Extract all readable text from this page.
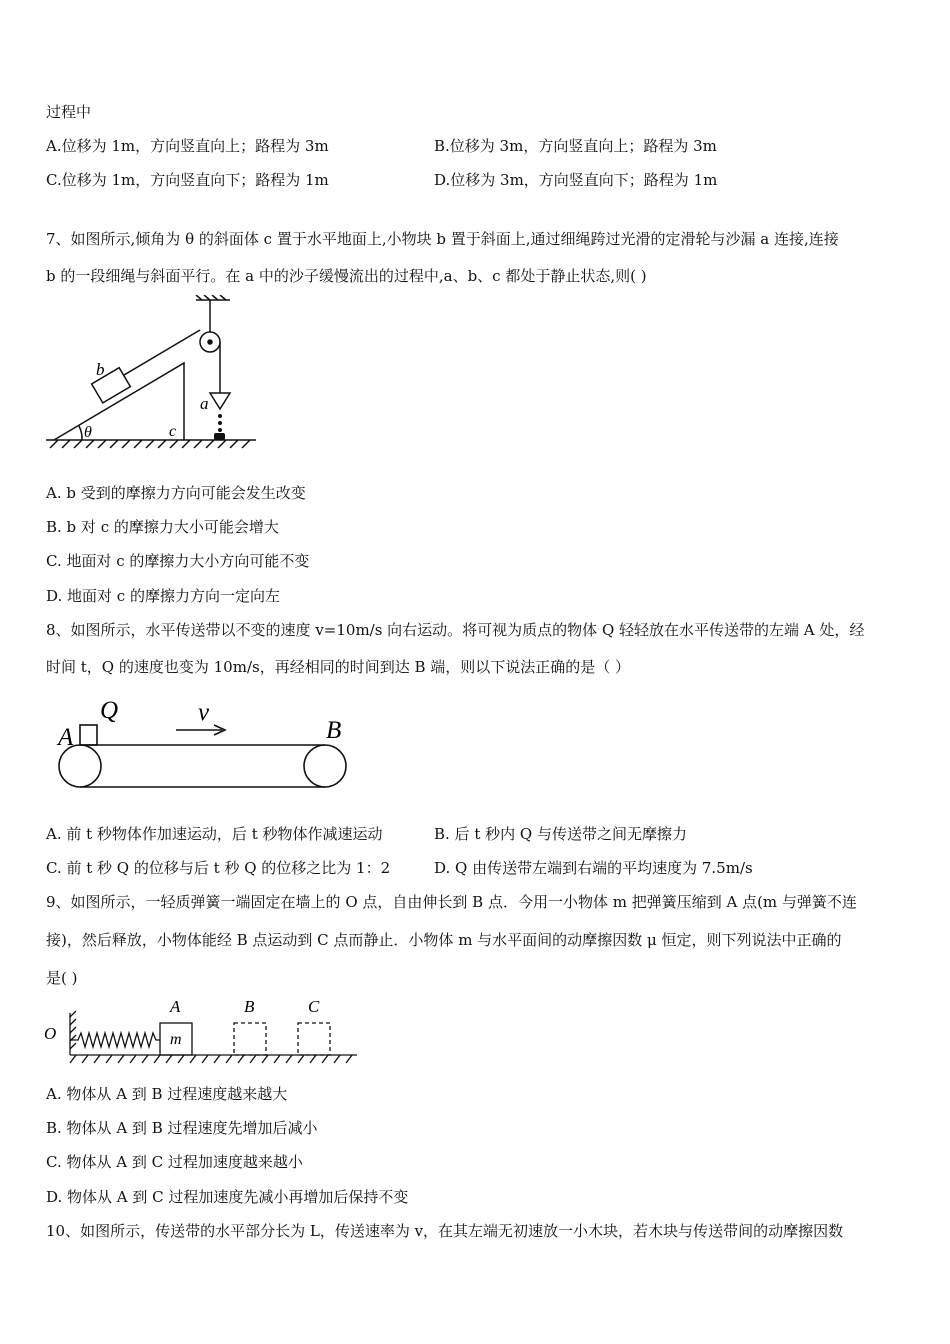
过程中
A.位移为 1m，方向竖直向上；路程为 3m	B.位移为 3m，方向竖直向上；路程为 3m
C.位移为 1m，方向竖直向下；路程为 1m	D.位移为 3m，方向竖直向下；路程为 1m
7、如图所示,倾角为 θ 的斜面体 c 置于水平地面上,小物块 b 置于斜面上,通过细绳跨过光滑的定滑轮与沙漏 a 连接,连接
b 的一段细绳与斜面平行。在 a 中的沙子缓慢流出的过程中,a、b、c 都处于静止状态,则( )
b
θ	c
a
A. b 受到的摩擦力方向可能会发生改变
B. b 对 c 的摩擦力大小可能会增大
C. 地面对 c 的摩擦力大小方向可能不变
D. 地面对 c 的摩擦力方向一定向左
8、如图所示，水平传送带以不变的速度 v=10m/s 向右运动。将可视为质点的物体 Q 轻轻放在水平传送带的左端 A 处，经
时间 t，Q 的速度也变为 10m/s，再经相同的时间到达 B 端，则以下说法正确的是（ ）
A
Q	v
B
A. 前 t 秒物体作加速运动，后 t 秒物体作减速运动	B. 后 t 秒内 Q 与传送带之间无摩擦力
C. 前 t 秒 Q 的位移与后 t 秒 Q 的位移之比为 1：2	D. Q 由传送带左端到右端的平均速度为 7.5m/s
9、如图所示，一轻质弹簧一端固定在墙上的 O 点，自由伸长到 B 点．今用一小物体 m 把弹簧压缩到 A 点(m 与弹簧不连
接)，然后释放，小物体能经 B 点运动到 C 点而静止．小物体 m 与水平面间的动摩擦因数 μ 恒定，则下列说法中正确的
是( )
O
A
m
B	C
A. 物体从 A 到 B 过程速度越来越大
B. 物体从 A 到 B 过程速度先增加后减小
C. 物体从 A 到 C 过程加速度越来越小
D. 物体从 A 到 C 过程加速度先减小再增加后保持不变
10、如图所示，传送带的水平部分长为 L，传送速率为 v，在其左端无初速放一小木块，若木块与传送带间的动摩擦因数
